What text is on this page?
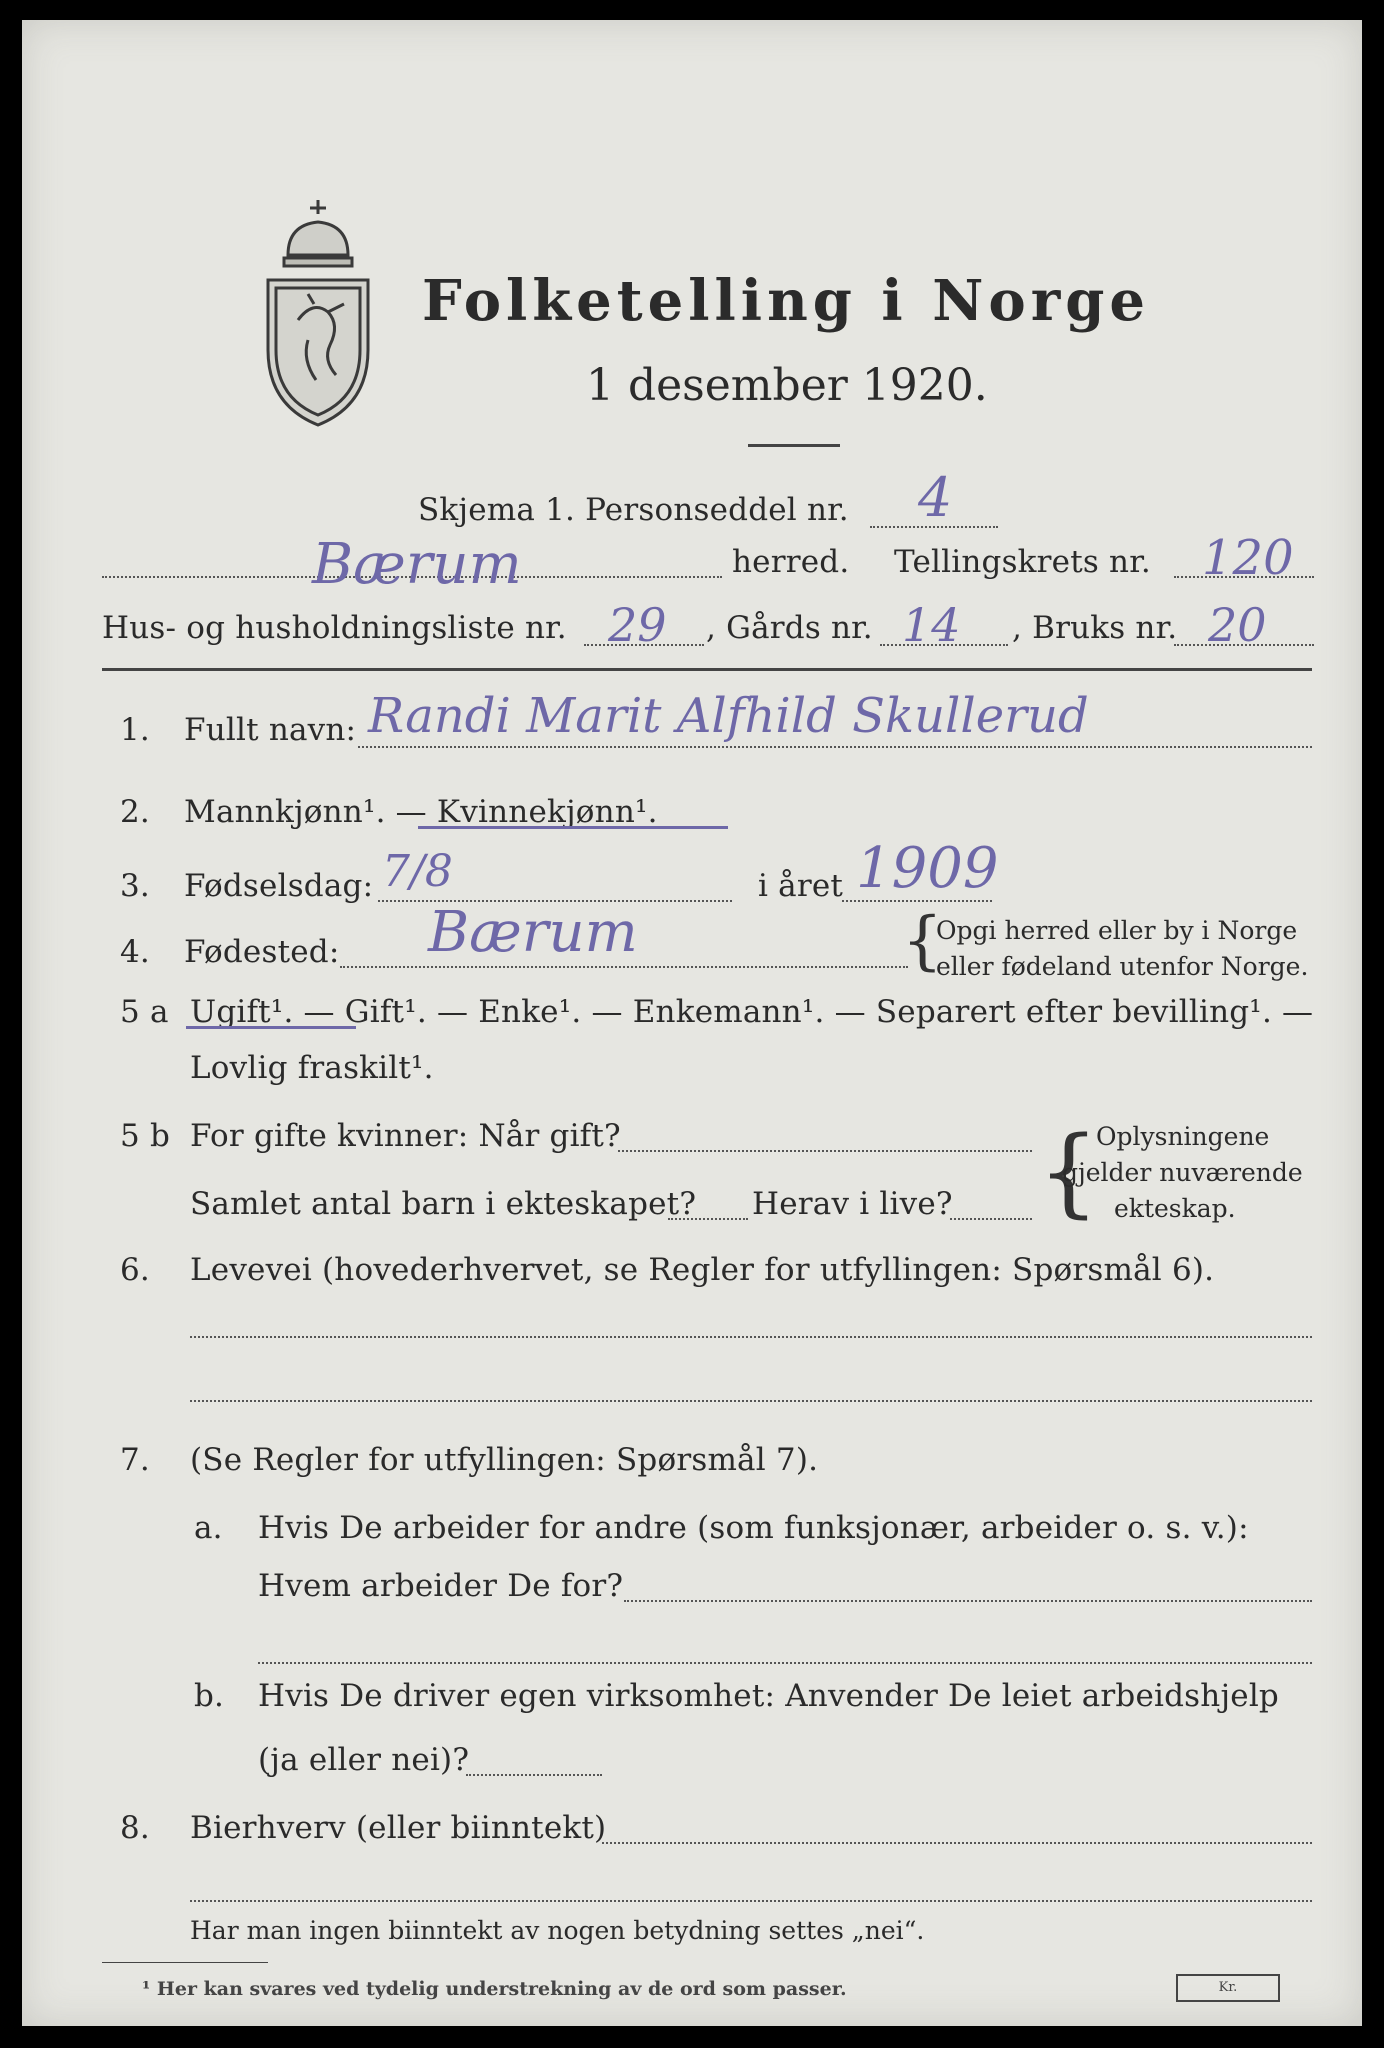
Folketelling i Norge
1 desember 1920.
Skjema 1. Personseddel nr. 4
Bærum	herred. Tellingskrets nr. 120
Hus- og husholdningsliste nr. 29 , Gårds nr. 14 , Bruks nr. 20
1. Fullt navn: Randi Marit Alfhild Skullerud
2. Mannkjønn¹. — Kvinnekjønn¹.
3. Fødselsdag: 7/8	i året 1909
4. Fødested: Bærum	{
Opgi herred eller by i Norge
eller fødeland utenfor Norge.
5 a Ugift¹. — Gift¹. — Enke¹. — Enkemann¹. — Separert efter bevilling¹. —
Lovlig fraskilt¹.
5 b For gifte kvinner: Når gift?
Samlet antal barn i ekteskapet? Herav i live? {
Oplysningene
gjelder nuværende
ekteskap.
6. Levevei (hovederhvervet, se Regler for utfyllingen: Spørsmål 6).
7. (Se Regler for utfyllingen: Spørsmål 7).
a. Hvis De arbeider for andre (som funksjonær, arbeider o. s. v.):
Hvem arbeider De for?
b. Hvis De driver egen virksomhet: Anvender De leiet arbeidshjelp
(ja eller nei)?
8. Bierhverv (eller biinntekt)
Har man ingen biinntekt av nogen betydning settes „nei“.
¹ Her kan svares ved tydelig understrekning av de ord som passer.	Kr.
